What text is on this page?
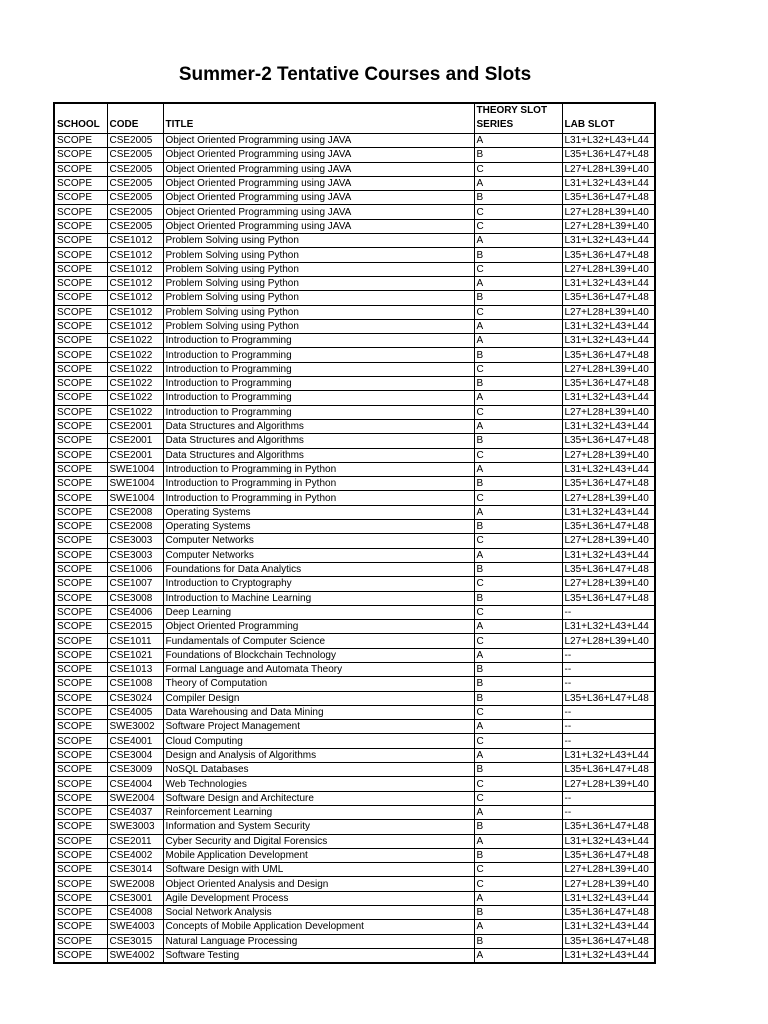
Summer-2 Tentative Courses and Slots
SCHOOL	CODE	TITLE	THEORY SLOT SERIES	LAB SLOT
SCOPE	CSE2005	Object Oriented Programming using JAVA	A	L31+L32+L43+L44
SCOPE	CSE2005	Object Oriented Programming using JAVA	B	L35+L36+L47+L48
SCOPE	CSE2005	Object Oriented Programming using JAVA	C	L27+L28+L39+L40
SCOPE	CSE2005	Object Oriented Programming using JAVA	A	L31+L32+L43+L44
SCOPE	CSE2005	Object Oriented Programming using JAVA	B	L35+L36+L47+L48
SCOPE	CSE2005	Object Oriented Programming using JAVA	C	L27+L28+L39+L40
SCOPE	CSE2005	Object Oriented Programming using JAVA	C	L27+L28+L39+L40
SCOPE	CSE1012	Problem Solving using Python	A	L31+L32+L43+L44
SCOPE	CSE1012	Problem Solving using Python	B	L35+L36+L47+L48
SCOPE	CSE1012	Problem Solving using Python	C	L27+L28+L39+L40
SCOPE	CSE1012	Problem Solving using Python	A	L31+L32+L43+L44
SCOPE	CSE1012	Problem Solving using Python	B	L35+L36+L47+L48
SCOPE	CSE1012	Problem Solving using Python	C	L27+L28+L39+L40
SCOPE	CSE1012	Problem Solving using Python	A	L31+L32+L43+L44
SCOPE	CSE1022	Introduction to Programming	A	L31+L32+L43+L44
SCOPE	CSE1022	Introduction to Programming	B	L35+L36+L47+L48
SCOPE	CSE1022	Introduction to Programming	C	L27+L28+L39+L40
SCOPE	CSE1022	Introduction to Programming	B	L35+L36+L47+L48
SCOPE	CSE1022	Introduction to Programming	A	L31+L32+L43+L44
SCOPE	CSE1022	Introduction to Programming	C	L27+L28+L39+L40
SCOPE	CSE2001	Data Structures and Algorithms	A	L31+L32+L43+L44
SCOPE	CSE2001	Data Structures and Algorithms	B	L35+L36+L47+L48
SCOPE	CSE2001	Data Structures and Algorithms	C	L27+L28+L39+L40
SCOPE	SWE1004	Introduction to Programming in Python	A	L31+L32+L43+L44
SCOPE	SWE1004	Introduction to Programming in Python	B	L35+L36+L47+L48
SCOPE	SWE1004	Introduction to Programming in Python	C	L27+L28+L39+L40
SCOPE	CSE2008	Operating Systems	A	L31+L32+L43+L44
SCOPE	CSE2008	Operating Systems	B	L35+L36+L47+L48
SCOPE	CSE3003	Computer Networks	C	L27+L28+L39+L40
SCOPE	CSE3003	Computer Networks	A	L31+L32+L43+L44
SCOPE	CSE1006	Foundations for Data Analytics	B	L35+L36+L47+L48
SCOPE	CSE1007	Introduction to Cryptography	C	L27+L28+L39+L40
SCOPE	CSE3008	Introduction to Machine Learning	B	L35+L36+L47+L48
SCOPE	CSE4006	Deep Learning	C	--
SCOPE	CSE2015	Object Oriented Programming	A	L31+L32+L43+L44
SCOPE	CSE1011	Fundamentals of Computer Science	C	L27+L28+L39+L40
SCOPE	CSE1021	Foundations of Blockchain Technology	A	--
SCOPE	CSE1013	Formal Language and Automata Theory	B	--
SCOPE	CSE1008	Theory of Computation	B	--
SCOPE	CSE3024	Compiler Design	B	L35+L36+L47+L48
SCOPE	CSE4005	Data Warehousing and Data Mining	C	--
SCOPE	SWE3002	Software Project Management	A	--
SCOPE	CSE4001	Cloud Computing	C	--
SCOPE	CSE3004	Design and Analysis of Algorithms	A	L31+L32+L43+L44
SCOPE	CSE3009	NoSQL Databases	B	L35+L36+L47+L48
SCOPE	CSE4004	Web Technologies	C	L27+L28+L39+L40
SCOPE	SWE2004	Software Design and Architecture	C	--
SCOPE	CSE4037	Reinforcement Learning	A	--
SCOPE	SWE3003	Information and System Security	B	L35+L36+L47+L48
SCOPE	CSE2011	Cyber Security and Digital Forensics	A	L31+L32+L43+L44
SCOPE	CSE4002	Mobile Application Development	B	L35+L36+L47+L48
SCOPE	CSE3014	Software Design with UML	C	L27+L28+L39+L40
SCOPE	SWE2008	Object Oriented Analysis and Design	C	L27+L28+L39+L40
SCOPE	CSE3001	Agile Development Process	A	L31+L32+L43+L44
SCOPE	CSE4008	Social Network Analysis	B	L35+L36+L47+L48
SCOPE	SWE4003	Concepts of Mobile Application Development	A	L31+L32+L43+L44
SCOPE	CSE3015	Natural Language Processing	B	L35+L36+L47+L48
SCOPE	SWE4002	Software Testing	A	L31+L32+L43+L44
